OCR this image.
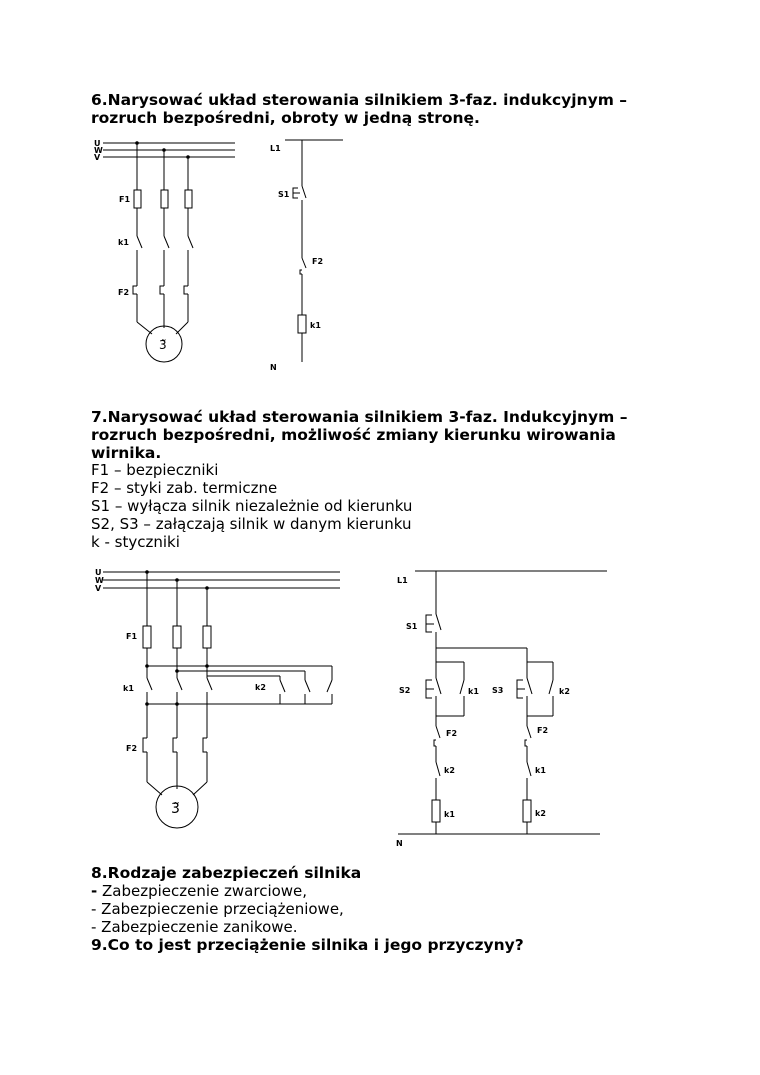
6.Narysować układ sterowania silnikiem 3-faz. indukcyjnym –

rozruch bezpośredni, obroty w jedną stronę.

U
W
V
F1
k1
F2
3̃
L1
S1
F2
k1
N

7.Narysować układ sterowania silnikiem 3-faz. Indukcyjnym –

rozruch bezpośredni, możliwość zmiany kierunku wirowania

wirnika.

F1 – bezpieczniki

F2 – styki zab. termiczne

S1 – wyłącza silnik niezależnie od kierunku

S2, S3 – załączają silnik w danym kierunku

k - styczniki

U
W
V
F1
k1	k2
F2
3̃
L1
S1
S2	k1
F2
k2
k1
S3	k2
F2
k1
k2
N

8.Rodzaje zabezpieczeń silnika

- Zabezpieczenie zwarciowe,

- Zabezpieczenie przeciążeniowe,

- Zabezpieczenie zanikowe.

9.Co to jest przeciążenie silnika i jego przyczyny?
